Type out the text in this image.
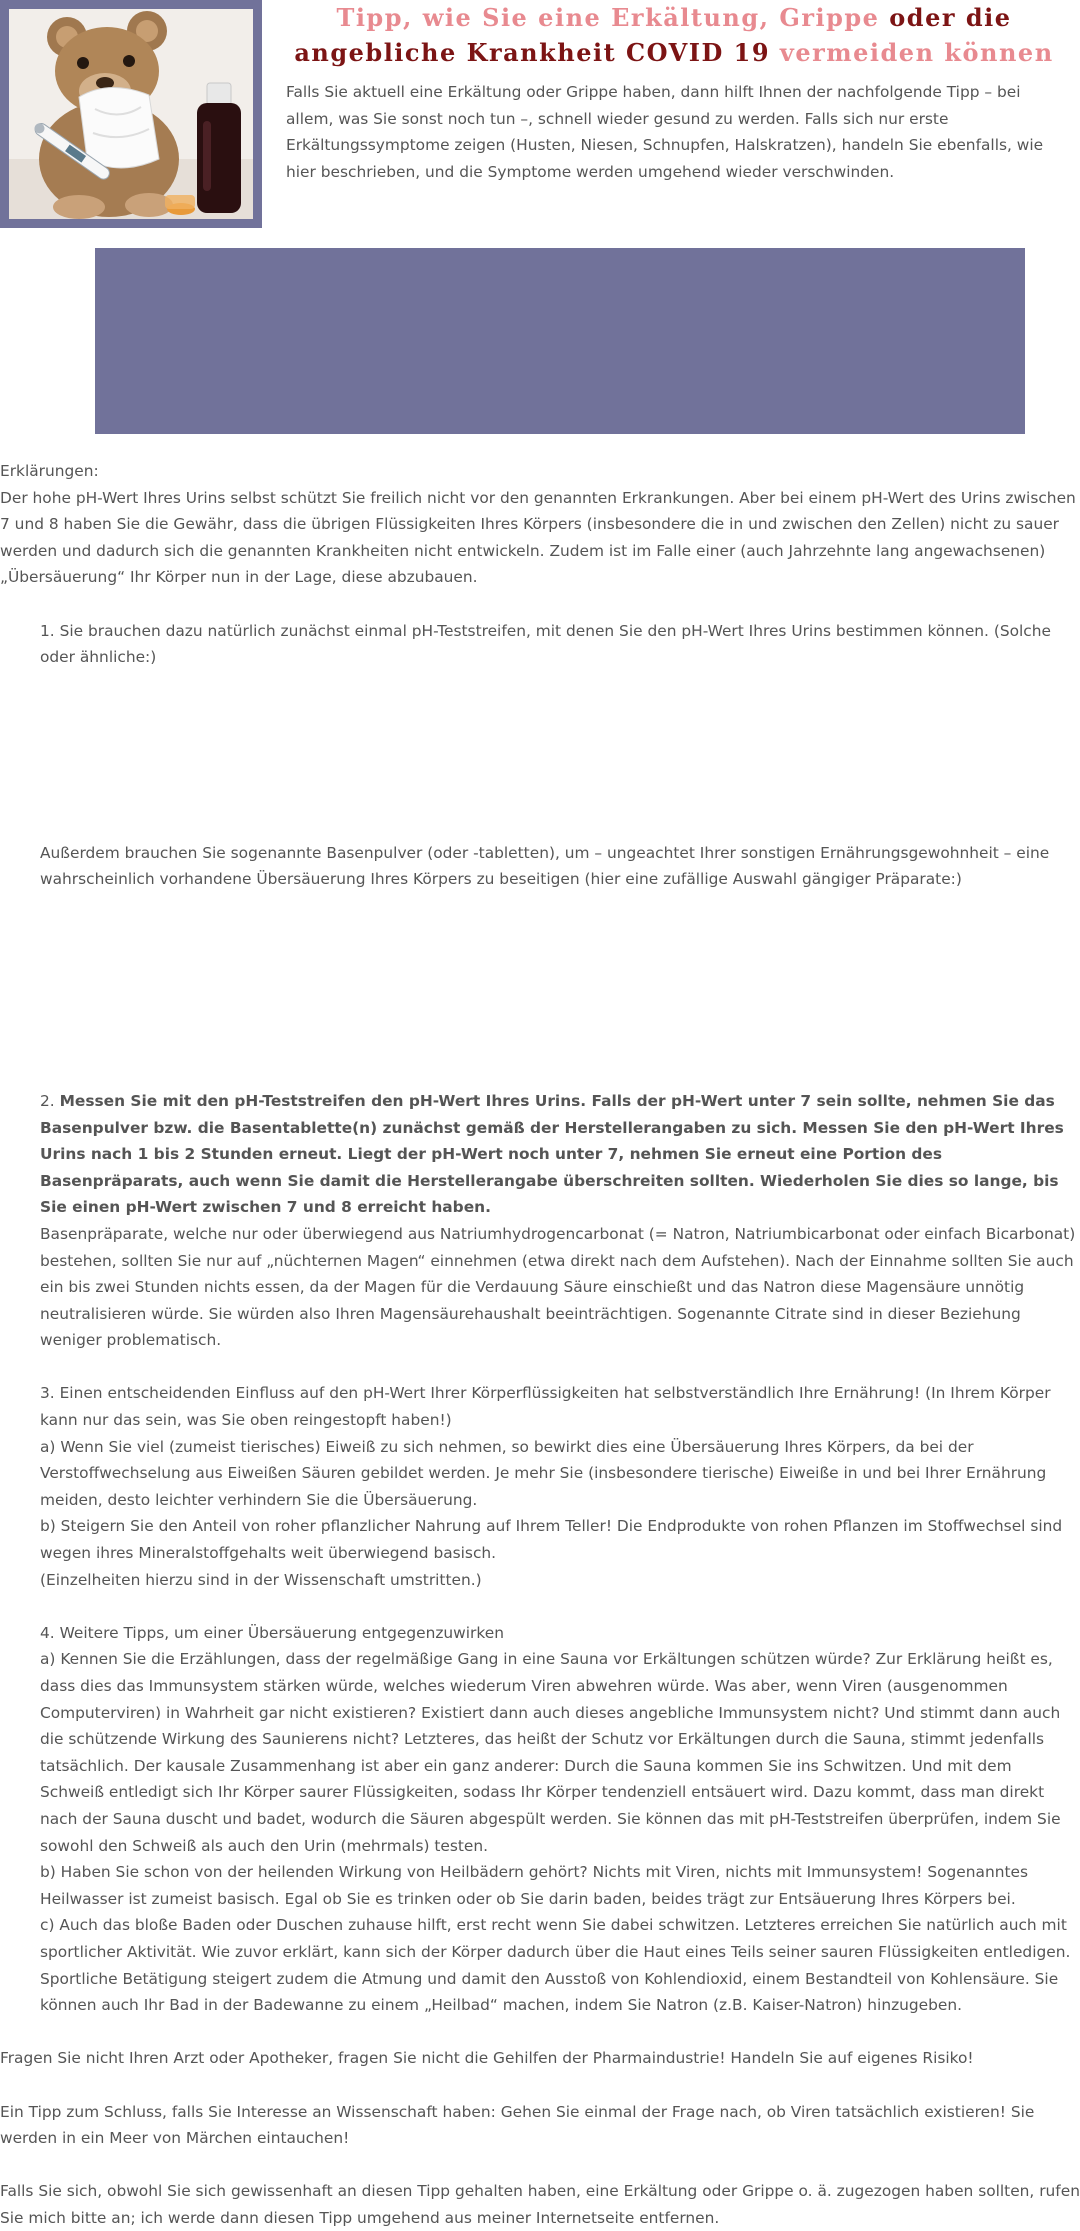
Tipp, wie Sie eine Erkältung, Grippe oder die angebliche Krankheit COVID 19 vermeiden können

Falls Sie aktuell eine Erkältung oder Grippe haben, dann hilft Ihnen der nachfolgende Tipp – bei allem, was Sie sonst noch tun –, schnell wieder gesund zu werden. Falls sich nur erste Erkältungssymptome zeigen (Husten, Niesen, Schnupfen, Halskratzen), handeln Sie ebenfalls, wie hier beschrieben, und die Symptome werden umgehend wieder verschwinden.

Erklärungen:

Der hohe pH-Wert Ihres Urins selbst schützt Sie freilich nicht vor den genannten Erkrankungen. Aber bei einem pH-Wert des Urins zwischen 7 und 8 haben Sie die Gewähr, dass die übrigen Flüssigkeiten Ihres Körpers (insbesondere die in und zwischen den Zellen) nicht zu sauer werden und dadurch sich die genannten Krankheiten nicht entwickeln. Zudem ist im Falle einer (auch Jahrzehnte lang angewachsenen) „Übersäuerung“ Ihr Körper nun in der Lage, diese abzubauen.

1. Sie brauchen dazu natürlich zunächst einmal pH-Teststreifen, mit denen Sie den pH-Wert Ihres Urins bestimmen können. (Solche oder ähnliche:)

Außerdem brauchen Sie sogenannte Basenpulver (oder -tabletten), um – ungeachtet Ihrer sonstigen Ernährungsgewohnheit – eine wahrscheinlich vorhandene Übersäuerung Ihres Körpers zu beseitigen (hier eine zufällige Auswahl gängiger Präparate:)

2. Messen Sie mit den pH-Teststreifen den pH-Wert Ihres Urins. Falls der pH-Wert unter 7 sein sollte, nehmen Sie das Basenpulver bzw. die Basentablette(n) zunächst gemäß der Herstellerangaben zu sich. Messen Sie den pH-Wert Ihres Urins nach 1 bis 2 Stunden erneut. Liegt der pH-Wert noch unter 7, nehmen Sie erneut eine Portion des Basenpräparats, auch wenn Sie damit die Herstellerangabe überschreiten sollten. Wiederholen Sie dies so lange, bis Sie einen pH-Wert zwischen 7 und 8 erreicht haben.

Basenpräparate, welche nur oder überwiegend aus Natriumhydrogencarbonat (= Natron, Natriumbicarbonat oder einfach Bicarbonat) bestehen, sollten Sie nur auf „nüchternen Magen“ einnehmen (etwa direkt nach dem Aufstehen). Nach der Einnahme sollten Sie auch ein bis zwei Stunden nichts essen, da der Magen für die Verdauung Säure einschießt und das Natron diese Magensäure unnötig neutralisieren würde. Sie würden also Ihren Magensäurehaushalt beeinträchtigen. Sogenannte Citrate sind in dieser Beziehung weniger problematisch.

3. Einen entscheidenden Einfluss auf den pH-Wert Ihrer Körperflüssigkeiten hat selbstverständlich Ihre Ernährung! (In Ihrem Körper kann nur das sein, was Sie oben reingestopft haben!)

a) Wenn Sie viel (zumeist tierisches) Eiweiß zu sich nehmen, so bewirkt dies eine Übersäuerung Ihres Körpers, da bei der Verstoffwechselung aus Eiweißen Säuren gebildet werden. Je mehr Sie (insbesondere tierische) Eiweiße in und bei Ihrer Ernährung meiden, desto leichter verhindern Sie die Übersäuerung.

b) Steigern Sie den Anteil von roher pflanzlicher Nahrung auf Ihrem Teller! Die Endprodukte von rohen Pflanzen im Stoffwechsel sind wegen ihres Mineralstoffgehalts weit überwiegend basisch.

(Einzelheiten hierzu sind in der Wissenschaft umstritten.)

4. Weitere Tipps, um einer Übersäuerung entgegenzuwirken

a) Kennen Sie die Erzählungen, dass der regelmäßige Gang in eine Sauna vor Erkältungen schützen würde? Zur Erklärung heißt es, dass dies das Immunsystem stärken würde, welches wiederum Viren abwehren würde. Was aber, wenn Viren (ausgenommen Computerviren) in Wahrheit gar nicht existieren? Existiert dann auch dieses angebliche Immunsystem nicht? Und stimmt dann auch die schützende Wirkung des Saunierens nicht? Letzteres, das heißt der Schutz vor Erkältungen durch die Sauna, stimmt jedenfalls tatsächlich. Der kausale Zusammenhang ist aber ein ganz anderer: Durch die Sauna kommen Sie ins Schwitzen. Und mit dem Schweiß entledigt sich Ihr Körper saurer Flüssigkeiten, sodass Ihr Körper tendenziell entsäuert wird. Dazu kommt, dass man direkt nach der Sauna duscht und badet, wodurch die Säuren abgespült werden. Sie können das mit pH-Teststreifen überprüfen, indem Sie sowohl den Schweiß als auch den Urin (mehrmals) testen.

b) Haben Sie schon von der heilenden Wirkung von Heilbädern gehört? Nichts mit Viren, nichts mit Immunsystem! Sogenanntes Heilwasser ist zumeist basisch. Egal ob Sie es trinken oder ob Sie darin baden, beides trägt zur Entsäuerung Ihres Körpers bei.

c) Auch das bloße Baden oder Duschen zuhause hilft, erst recht wenn Sie dabei schwitzen. Letzteres erreichen Sie natürlich auch mit sportlicher Aktivität. Wie zuvor erklärt, kann sich der Körper dadurch über die Haut eines Teils seiner sauren Flüssigkeiten entledigen. Sportliche Betätigung steigert zudem die Atmung und damit den Ausstoß von Kohlendioxid, einem Bestandteil von Kohlensäure. Sie können auch Ihr Bad in der Badewanne zu einem „Heilbad“ machen, indem Sie Natron (z.B. Kaiser-Natron) hinzugeben.

Fragen Sie nicht Ihren Arzt oder Apotheker, fragen Sie nicht die Gehilfen der Pharmaindustrie! Handeln Sie auf eigenes Risiko!

Ein Tipp zum Schluss, falls Sie Interesse an Wissenschaft haben: Gehen Sie einmal der Frage nach, ob Viren tatsächlich existieren! Sie werden in ein Meer von Märchen eintauchen!

Falls Sie sich, obwohl Sie sich gewissenhaft an diesen Tipp gehalten haben, eine Erkältung oder Grippe o. ä. zugezogen haben sollten, rufen Sie mich bitte an; ich werde dann diesen Tipp umgehend aus meiner Internetseite entfernen.
